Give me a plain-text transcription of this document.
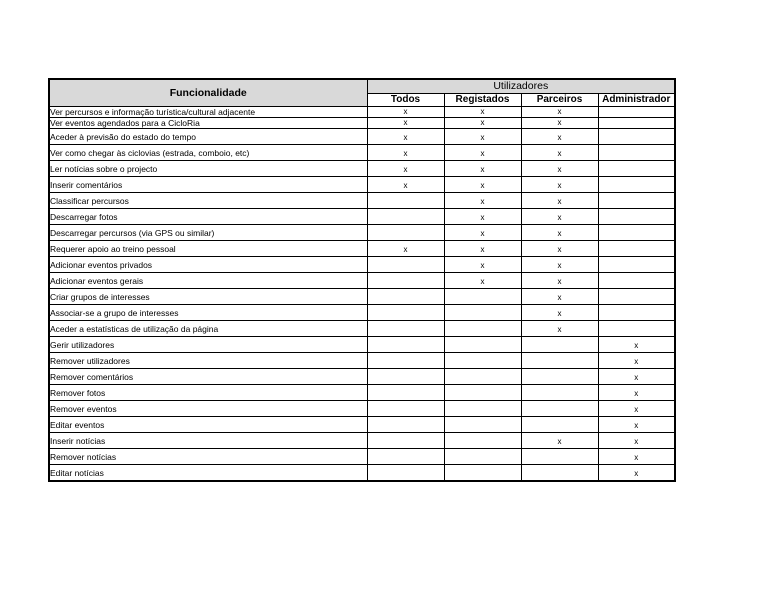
Funcionalidade	Utilizadores			
	Todos	Registados	Parceiros	Administrador
Ver percursos e informação turística/cultural adjacente	x	x	x	
Ver eventos agendados para a CicloRia	x	x	x	
Aceder à previsão do estado do tempo	x	x	x	
Ver como chegar às ciclovias (estrada, comboio, etc)	x	x	x	
Ler notícias sobre o projecto	x	x	x	
Inserir comentários	x	x	x	
Classificar percursos		x	x	
Descarregar fotos		x	x	
Descarregar percursos (via GPS ou similar)		x	x	
Requerer apoio ao treino pessoal	x	x	x	
Adicionar eventos privados		x	x	
Adicionar eventos gerais		x	x	
Criar grupos de interesses			x	
Associar-se a grupo de interesses			x	
Aceder a estatísticas de utilização da página			x	
Gerir utilizadores				x
Remover utilizadores				x
Remover comentários				x
Remover fotos				x
Remover eventos				x
Editar eventos				x
Inserir notícias			x	x
Remover notícias				x
Editar notícias				x
